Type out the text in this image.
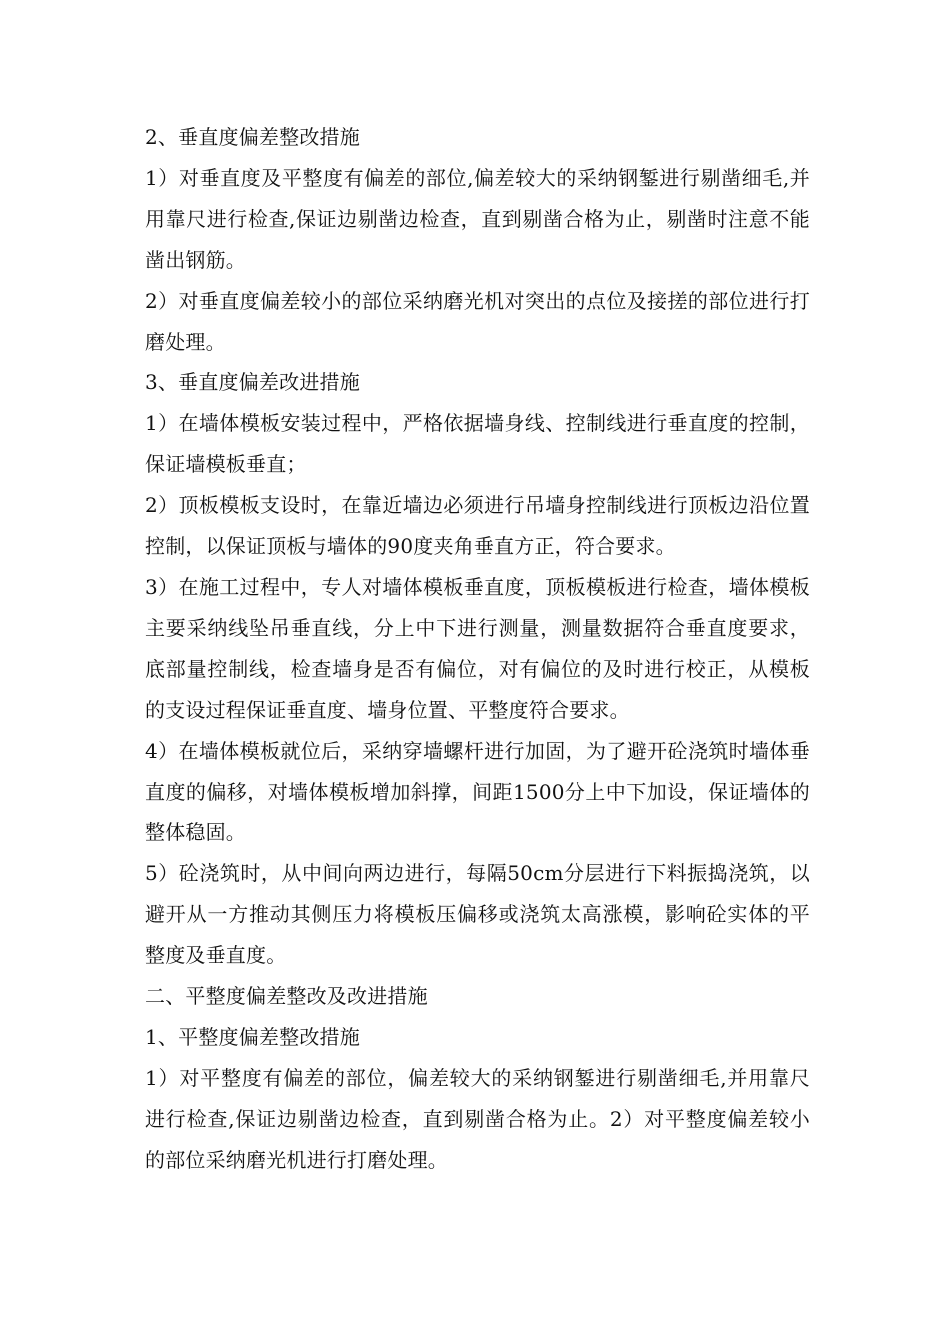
2、垂直度偏差整改措施

1）对垂直度及平整度有偏差的部位,偏差较大的采纳钢錾进行剔凿细毛,并用靠尺进行检查,保证边剔凿边检查，直到剔凿合格为止，剔凿时注意不能凿出钢筋。

2）对垂直度偏差较小的部位采纳磨光机对突出的点位及接搓的部位进行打磨处理。

3、垂直度偏差改进措施

1）在墙体模板安装过程中，严格依据墙身线、控制线进行垂直度的控制，保证墙模板垂直；

2）顶板模板支设时，在靠近墙边必须进行吊墙身控制线进行顶板边沿位置控制，以保证顶板与墙体的90度夹角垂直方正，符合要求。

3）在施工过程中，专人对墙体模板垂直度，顶板模板进行检查，墙体模板主要采纳线坠吊垂直线，分上中下进行测量，测量数据符合垂直度要求，底部量控制线，检查墙身是否有偏位，对有偏位的及时进行校正，从模板的支设过程保证垂直度、墙身位置、平整度符合要求。

4）在墙体模板就位后，采纳穿墙螺杆进行加固，为了避开砼浇筑时墙体垂直度的偏移，对墙体模板增加斜撑，间距1500分上中下加设，保证墙体的整体稳固。

5）砼浇筑时，从中间向两边进行，每隔50cm分层进行下料振捣浇筑，以避开从一方推动其侧压力将模板压偏移或浇筑太高涨模，影响砼实体的平整度及垂直度。

二、平整度偏差整改及改进措施

1、平整度偏差整改措施

1）对平整度有偏差的部位，偏差较大的采纳钢錾进行剔凿细毛,并用靠尺进行检查,保证边剔凿边检查，直到剔凿合格为止。2）对平整度偏差较小的部位采纳磨光机进行打磨处理。
